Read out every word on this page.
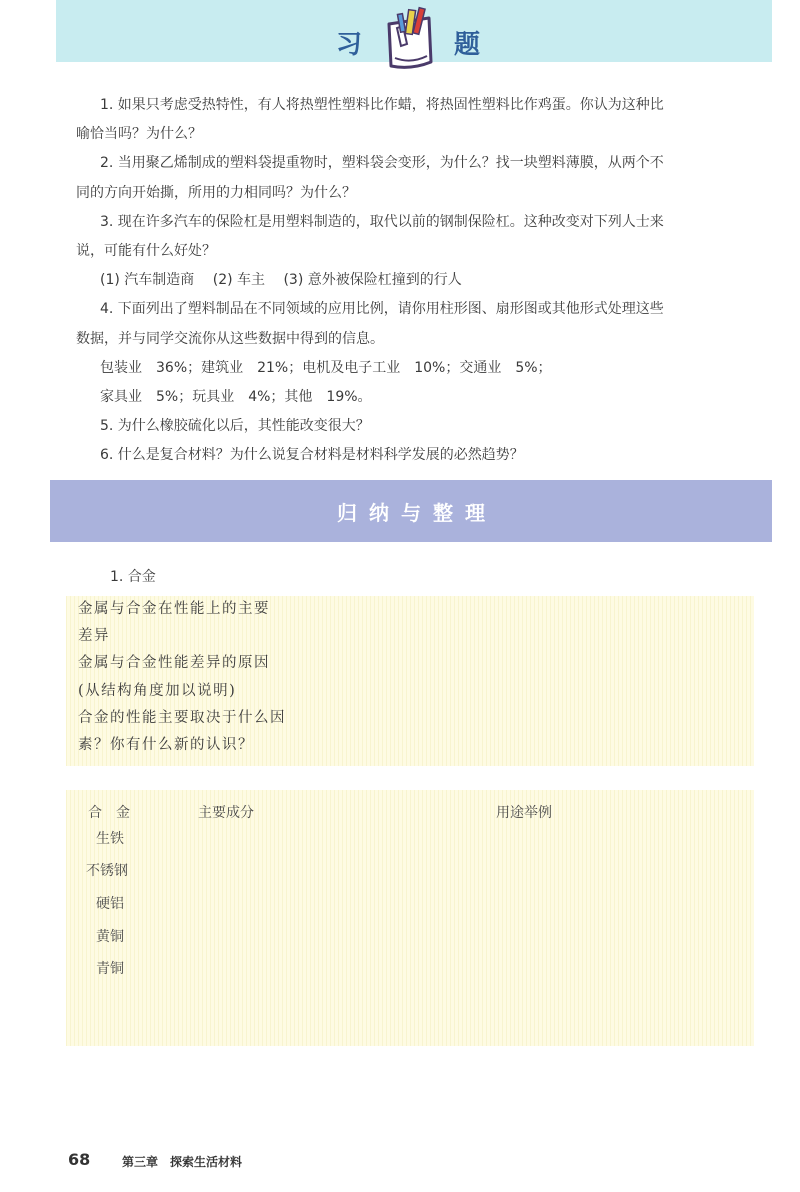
习	题

1. 如果只考虑受热特性，有人将热塑性塑料比作蜡，将热固性塑料比作鸡蛋。你认为这种比

喻恰当吗？为什么？

2. 当用聚乙烯制成的塑料袋提重物时，塑料袋会变形，为什么？找一块塑料薄膜，从两个不

同的方向开始撕，所用的力相同吗？为什么？

3. 现在许多汽车的保险杠是用塑料制造的，取代以前的钢制保险杠。这种改变对下列人士来

说，可能有什么好处？

(1) 汽车制造商　 (2) 车主　 (3) 意外被保险杠撞到的行人

4. 下面列出了塑料制品在不同领域的应用比例，请你用柱形图、扇形图或其他形式处理这些

数据，并与同学交流你从这些数据中得到的信息。

包装业　36%；建筑业　21%；电机及电子工业　10%；交通业　5%；

家具业　5%；玩具业　4%；其他　19%。

5. 为什么橡胶硫化以后，其性能改变很大？

6. 什么是复合材料？为什么说复合材料是材料科学发展的必然趋势？

归纳与整理
1. 合金
金属与合金在性能上的主要
差异
金属与合金性能差异的原因
(从结构角度加以说明)
合金的性能主要取决于什么因
素？你有什么新的认识？
合　金	主要成分	用途举例
生铁
不锈钢
硬铝
黄铜
青铜
68	第三章　探索生活材料
